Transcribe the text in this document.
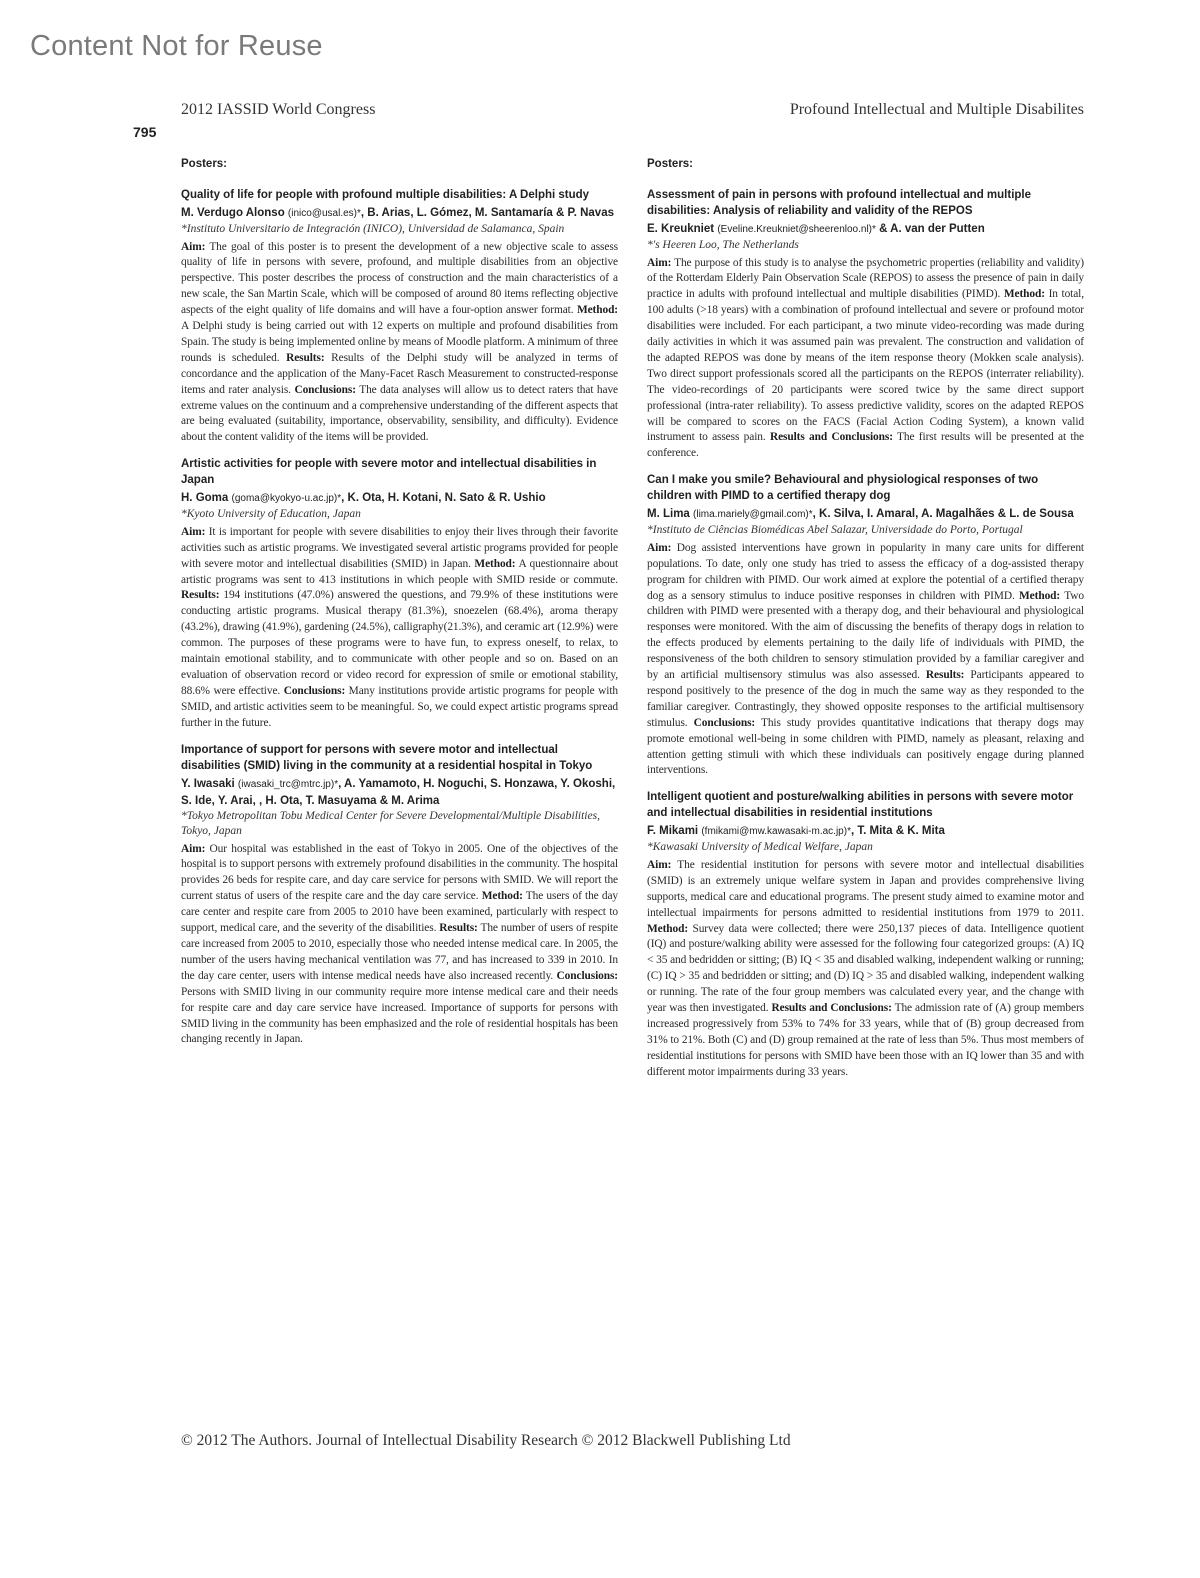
Content Not for Reuse
2012 IASSID World Congress	Profound Intellectual and Multiple Disabilites
795
Posters:

Quality of life for people with profound multiple disabilities: A Delphi study

M. Verdugo Alonso (inico@usal.es)*, B. Arias, L. Gómez, M. Santamaría & P. Navas

*Instituto Universitario de Integración (INICO), Universidad de Salamanca, Spain

Aim: The goal of this poster is to present the development of a new objective scale to assess quality of life in persons with severe, profound, and multiple disabilities from an objective perspective. This poster describes the process of construction and the main characteristics of a new scale, the San Martin Scale, which will be composed of around 80 items reflecting objective aspects of the eight quality of life domains and will have a four-option answer format. Method: A Delphi study is being carried out with 12 experts on multiple and profound disabilities from Spain. The study is being implemented online by means of Moodle platform. A minimum of three rounds is scheduled. Results: Results of the Delphi study will be analyzed in terms of concordance and the application of the Many-Facet Rasch Measurement to constructed-response items and rater analysis. Conclusions: The data analyses will allow us to detect raters that have extreme values on the continuum and a comprehensive understanding of the different aspects that are being evaluated (suitability, importance, observability, sensibility, and difficulty). Evidence about the content validity of the items will be provided.

Artistic activities for people with severe motor and intellectual disabilities in Japan

H. Goma (goma@kyokyo-u.ac.jp)*, K. Ota, H. Kotani, N. Sato & R. Ushio

*Kyoto University of Education, Japan

Aim: It is important for people with severe disabilities to enjoy their lives through their favorite activities such as artistic programs. We investigated several artistic programs provided for people with severe motor and intellectual disabilities (SMID) in Japan. Method: A questionnaire about artistic programs was sent to 413 institutions in which people with SMID reside or commute. Results: 194 institutions (47.0%) answered the questions, and 79.9% of these institutions were conducting artistic programs. Musical therapy (81.3%), snoezelen (68.4%), aroma therapy (43.2%), drawing (41.9%), gardening (24.5%), calligraphy(21.3%), and ceramic art (12.9%) were common. The purposes of these programs were to have fun, to express oneself, to relax, to maintain emotional stability, and to communicate with other people and so on. Based on an evaluation of observation record or video record for expression of smile or emotional stability, 88.6% were effective. Conclusions: Many institutions provide artistic programs for people with SMID, and artistic activities seem to be meaningful. So, we could expect artistic programs spread further in the future.

Importance of support for persons with severe motor and intellectual disabilities (SMID) living in the community at a residential hospital in Tokyo

Y. Iwasaki (iwasaki_trc@mtrc.jp)*, A. Yamamoto, H. Noguchi, S. Honzawa, Y. Okoshi, S. Ide, Y. Arai, , H. Ota, T. Masuyama & M. Arima

*Tokyo Metropolitan Tobu Medical Center for Severe Developmental/Multiple Disabilities, Tokyo, Japan

Aim: Our hospital was established in the east of Tokyo in 2005. One of the objectives of the hospital is to support persons with extremely profound disabilities in the community. The hospital provides 26 beds for respite care, and day care service for persons with SMID. We will report the current status of users of the respite care and the day care service. Method: The users of the day care center and respite care from 2005 to 2010 have been examined, particularly with respect to support, medical care, and the severity of the disabilities. Results: The number of users of respite care increased from 2005 to 2010, especially those who needed intense medical care. In 2005, the number of the users having mechanical ventilation was 77, and has increased to 339 in 2010. In the day care center, users with intense medical needs have also increased recently. Conclusions: Persons with SMID living in our community require more intense medical care and their needs for respite care and day care service have increased. Importance of supports for persons with SMID living in the community has been emphasized and the role of residential hospitals has been changing recently in Japan.

Posters:

Assessment of pain in persons with profound intellectual and multiple disabilities: Analysis of reliability and validity of the REPOS

E. Kreukniet (Eveline.Kreukniet@sheerenloo.nl)* & A. van der Putten

*'s Heeren Loo, The Netherlands

Aim: The purpose of this study is to analyse the psychometric properties (reliability and validity) of the Rotterdam Elderly Pain Observation Scale (REPOS) to assess the presence of pain in daily practice in adults with profound intellectual and multiple disabilities (PIMD). Method: In total, 100 adults (>18 years) with a combination of profound intellectual and severe or profound motor disabilities were included. For each participant, a two minute video-recording was made during daily activities in which it was assumed pain was prevalent. The construction and validation of the adapted REPOS was done by means of the item response theory (Mokken scale analysis). Two direct support professionals scored all the participants on the REPOS (interrater reliability). The video-recordings of 20 participants were scored twice by the same direct support professional (intra-rater reliability). To assess predictive validity, scores on the adapted REPOS will be compared to scores on the FACS (Facial Action Coding System), a known valid instrument to assess pain. Results and Conclusions: The first results will be presented at the conference.

Can I make you smile? Behavioural and physiological responses of two children with PIMD to a certified therapy dog

M. Lima (lima.mariely@gmail.com)*, K. Silva, I. Amaral, A. Magalhães & L. de Sousa

*Instituto de Ciências Biomédicas Abel Salazar, Universidade do Porto, Portugal

Aim: Dog assisted interventions have grown in popularity in many care units for different populations. To date, only one study has tried to assess the efficacy of a dog-assisted therapy program for children with PIMD. Our work aimed at explore the potential of a certified therapy dog as a sensory stimulus to induce positive responses in children with PIMD. Method: Two children with PIMD were presented with a therapy dog, and their behavioural and physiological responses were monitored. With the aim of discussing the benefits of therapy dogs in relation to the effects produced by elements pertaining to the daily life of individuals with PIMD, the responsiveness of the both children to sensory stimulation provided by a familiar caregiver and by an artificial multisensory stimulus was also assessed. Results: Participants appeared to respond positively to the presence of the dog in much the same way as they responded to the familiar caregiver. Contrastingly, they showed opposite responses to the artificial multisensory stimulus. Conclusions: This study provides quantitative indications that therapy dogs may promote emotional well-being in some children with PIMD, namely as pleasant, relaxing and attention getting stimuli with which these individuals can positively engage during planned interventions.

Intelligent quotient and posture/walking abilities in persons with severe motor and intellectual disabilities in residential institutions

F. Mikami (fmikami@mw.kawasaki-m.ac.jp)*, T. Mita & K. Mita

*Kawasaki University of Medical Welfare, Japan

Aim: The residential institution for persons with severe motor and intellectual disabilities (SMID) is an extremely unique welfare system in Japan and provides comprehensive living supports, medical care and educational programs. The present study aimed to examine motor and intellectual impairments for persons admitted to residential institutions from 1979 to 2011. Method: Survey data were collected; there were 250,137 pieces of data. Intelligence quotient (IQ) and posture/walking ability were assessed for the following four categorized groups: (A) IQ < 35 and bedridden or sitting; (B) IQ < 35 and disabled walking, independent walking or running; (C) IQ > 35 and bedridden or sitting; and (D) IQ > 35 and disabled walking, independent walking or running. The rate of the four group members was calculated every year, and the change with year was then investigated. Results and Conclusions: The admission rate of (A) group members increased progressively from 53% to 74% for 33 years, while that of (B) group decreased from 31% to 21%. Both (C) and (D) group remained at the rate of less than 5%. Thus most members of residential institutions for persons with SMID have been those with an IQ lower than 35 and with different motor impairments during 33 years.

© 2012 The Authors. Journal of Intellectual Disability Research © 2012 Blackwell Publishing Ltd
